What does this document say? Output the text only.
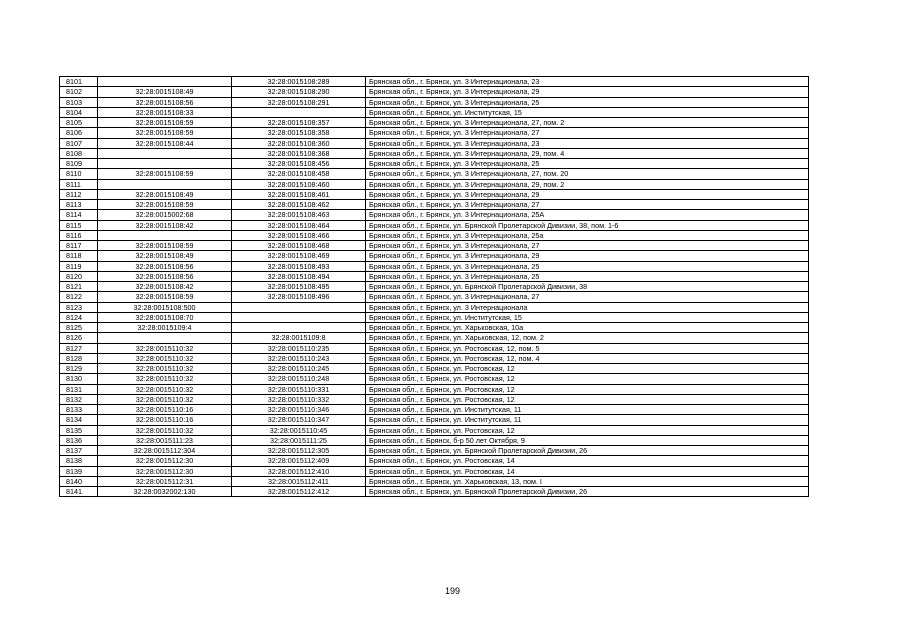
8101		32:28:0015108:289	Брянская обл., г. Брянск, ул. 3 Интернационала, 23
8102	32:28:0015108:49	32:28:0015108:290	Брянская обл., г. Брянск, ул. 3 Интернационала, 29
8103	32:28:0015108:56	32:28:0015108:291	Брянская обл., г. Брянск, ул. 3 Интернационала, 25
8104	32:28:0015108:33		Брянская обл., г. Брянск, ул. Институтская, 15
8105	32:28:0015108:59	32:28:0015108:357	Брянская обл., г. Брянск, ул. 3 Интернационала, 27, пом. 2
8106	32:28:0015108:59	32:28:0015108:358	Брянская обл., г. Брянск, ул. 3 Интернационала, 27
8107	32:28:0015108:44	32:28:0015108:360	Брянская обл., г. Брянск, ул. 3 Интернационала, 23
8108		32:28:0015108:368	Брянская обл., г. Брянск, ул. 3 Интернационала, 29, пом. 4
8109		32:28:0015108:456	Брянская обл., г. Брянск, ул. 3 Интернационала, 25
8110	32:28:0015108:59	32:28:0015108:458	Брянская обл., г. Брянск, ул. 3 Интернационала, 27, пом. 20
8111		32:28:0015108:460	Брянская обл., г. Брянск, ул. 3 Интернационала, 29, пом. 2
8112	32:28:0015108:49	32:28:0015108:461	Брянская обл., г. Брянск, ул. 3 Интернационала, 29
8113	32:28:0015108:59	32:28:0015108:462	Брянская обл., г. Брянск, ул. 3 Интернационала, 27
8114	32:28:0015002:68	32:28:0015108:463	Брянская обл., г. Брянск, ул. 3 Интернационала, 25А
8115	32:28:0015108:42	32:28:0015108:464	Брянская обл., г. Брянск, ул. Брянской Пролетарской Дивизии, 38, пом. 1-6
8116		32:28:0015108:466	Брянская обл., г. Брянск, ул. 3 Интернационала, 25а
8117	32:28:0015108:59	32:28:0015108:468	Брянская обл., г. Брянск, ул. 3 Интернационала, 27
8118	32:28:0015108:49	32:28:0015108:469	Брянская обл., г. Брянск, ул. 3 Интернационала, 29
8119	32:28:0015108:56	32:28:0015108:493	Брянская обл., г. Брянск, ул. 3 Интернационала, 25
8120	32:28:0015108:56	32:28:0015108:494	Брянская обл., г. Брянск, ул. 3 Интернационала, 25
8121	32:28:0015108:42	32:28:0015108:495	Брянская обл., г. Брянск, ул. Брянской Пролетарской Дивизии, 38
8122	32:28:0015108:59	32:28:0015108:496	Брянская обл., г. Брянск, ул. 3 Интернационала, 27
8123	32:28:0015108:500		Брянская обл., г. Брянск, ул. 3 Интернационала
8124	32:28:0015108:70		Брянская обл., г. Брянск, ул. Институтская, 15
8125	32:28:0015109:4		Брянская обл., г. Брянск, ул. Харьковская, 10а
8126		32:28:0015109:8	Брянская обл., г. Брянск, ул. Харьковская, 12, пом. 2
8127	32:28:0015110:32	32:28:0015110:235	Брянская обл., г. Брянск, ул. Ростовская, 12, пом. 5
8128	32:28:0015110:32	32:28:0015110:243	Брянская обл., г. Брянск, ул. Ростовская, 12, пом. 4
8129	32:28:0015110:32	32:28:0015110:245	Брянская обл., г. Брянск, ул. Ростовская, 12
8130	32:28:0015110:32	32:28:0015110:248	Брянская обл., г. Брянск, ул. Ростовская, 12
8131	32:28:0015110:32	32:28:0015110:331	Брянская обл., г. Брянск, ул. Ростовская, 12
8132	32:28:0015110:32	32:28:0015110:332	Брянская обл., г. Брянск, ул. Ростовская, 12
8133	32:28:0015110:16	32:28:0015110:346	Брянская обл., г. Брянск, ул. Институтская, 11
8134	32:28:0015110:16	32:28:0015110:347	Брянская обл., г. Брянск, ул. Институтская, 11
8135	32:28:0015110:32	32:28:0015110:45	Брянская обл., г. Брянск, ул. Ростовская, 12
8136	32:28:0015111:23	32:28:0015111:25	Брянская обл., г. Брянск, б-р 50 лет Октября, 9
8137	32:28:0015112:304	32:28:0015112:305	Брянская обл., г. Брянск, ул. Брянской Пролетарской Дивизии, 26
8138	32:28:0015112:30	32:28:0015112:409	Брянская обл., г. Брянск, ул. Ростовская, 14
8139	32:28:0015112:30	32:28:0015112:410	Брянская обл., г. Брянск, ул. Ростовская, 14
8140	32:28:0015112:31	32:28:0015112:411	Брянская обл., г. Брянск, ул. Харьковская, 13, пом. I
8141	32:28:0032002:130	32:28:0015112:412	Брянская обл., г. Брянск, ул. Брянской Пролетарской Дивизии, 26
199
